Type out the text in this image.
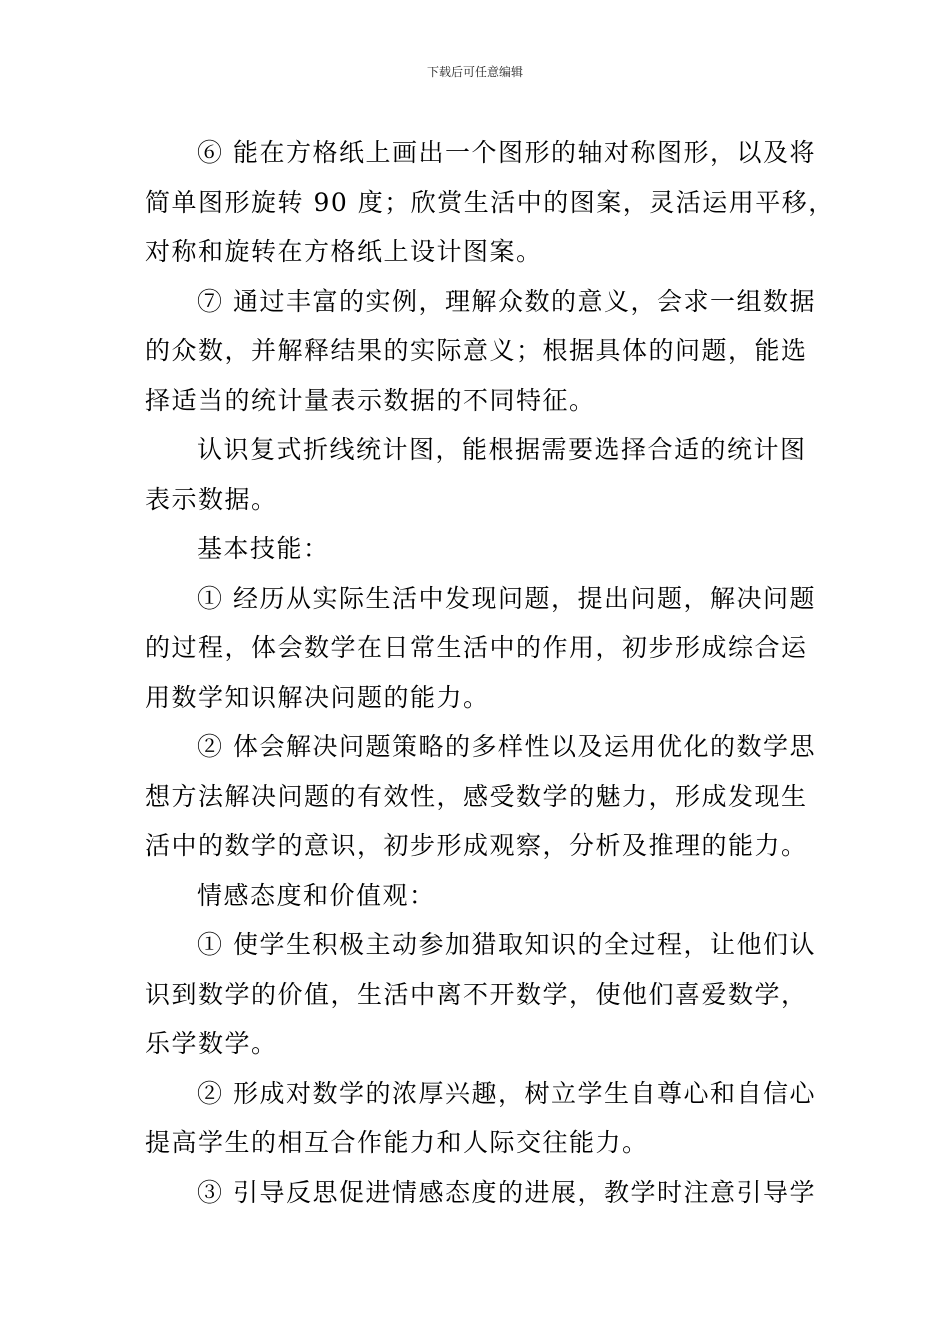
下载后可任意编辑
⑥ 能在方格纸上画出一个图形的轴对称图形，以及将
简单图形旋转 90 度；欣赏生活中的图案，灵活运用平移，
对称和旋转在方格纸上设计图案。
⑦ 通过丰富的实例，理解众数的意义，会求一组数据
的众数，并解释结果的实际意义；根据具体的问题，能选
择适当的统计量表示数据的不同特征。
认识复式折线统计图，能根据需要选择合适的统计图
表示数据。
基本技能：
① 经历从实际生活中发现问题，提出问题，解决问题
的过程，体会数学在日常生活中的作用，初步形成综合运
用数学知识解决问题的能力。
② 体会解决问题策略的多样性以及运用优化的数学思
想方法解决问题的有效性，感受数学的魅力，形成发现生
活中的数学的意识，初步形成观察，分析及推理的能力。
情感态度和价值观：
① 使学生积极主动参加猎取知识的全过程，让他们认
识到数学的价值，生活中离不开数学，使他们喜爱数学，
乐学数学。
② 形成对数学的浓厚兴趣，树立学生自尊心和自信心
提高学生的相互合作能力和人际交往能力。
③ 引导反思促进情感态度的进展，教学时注意引导学
